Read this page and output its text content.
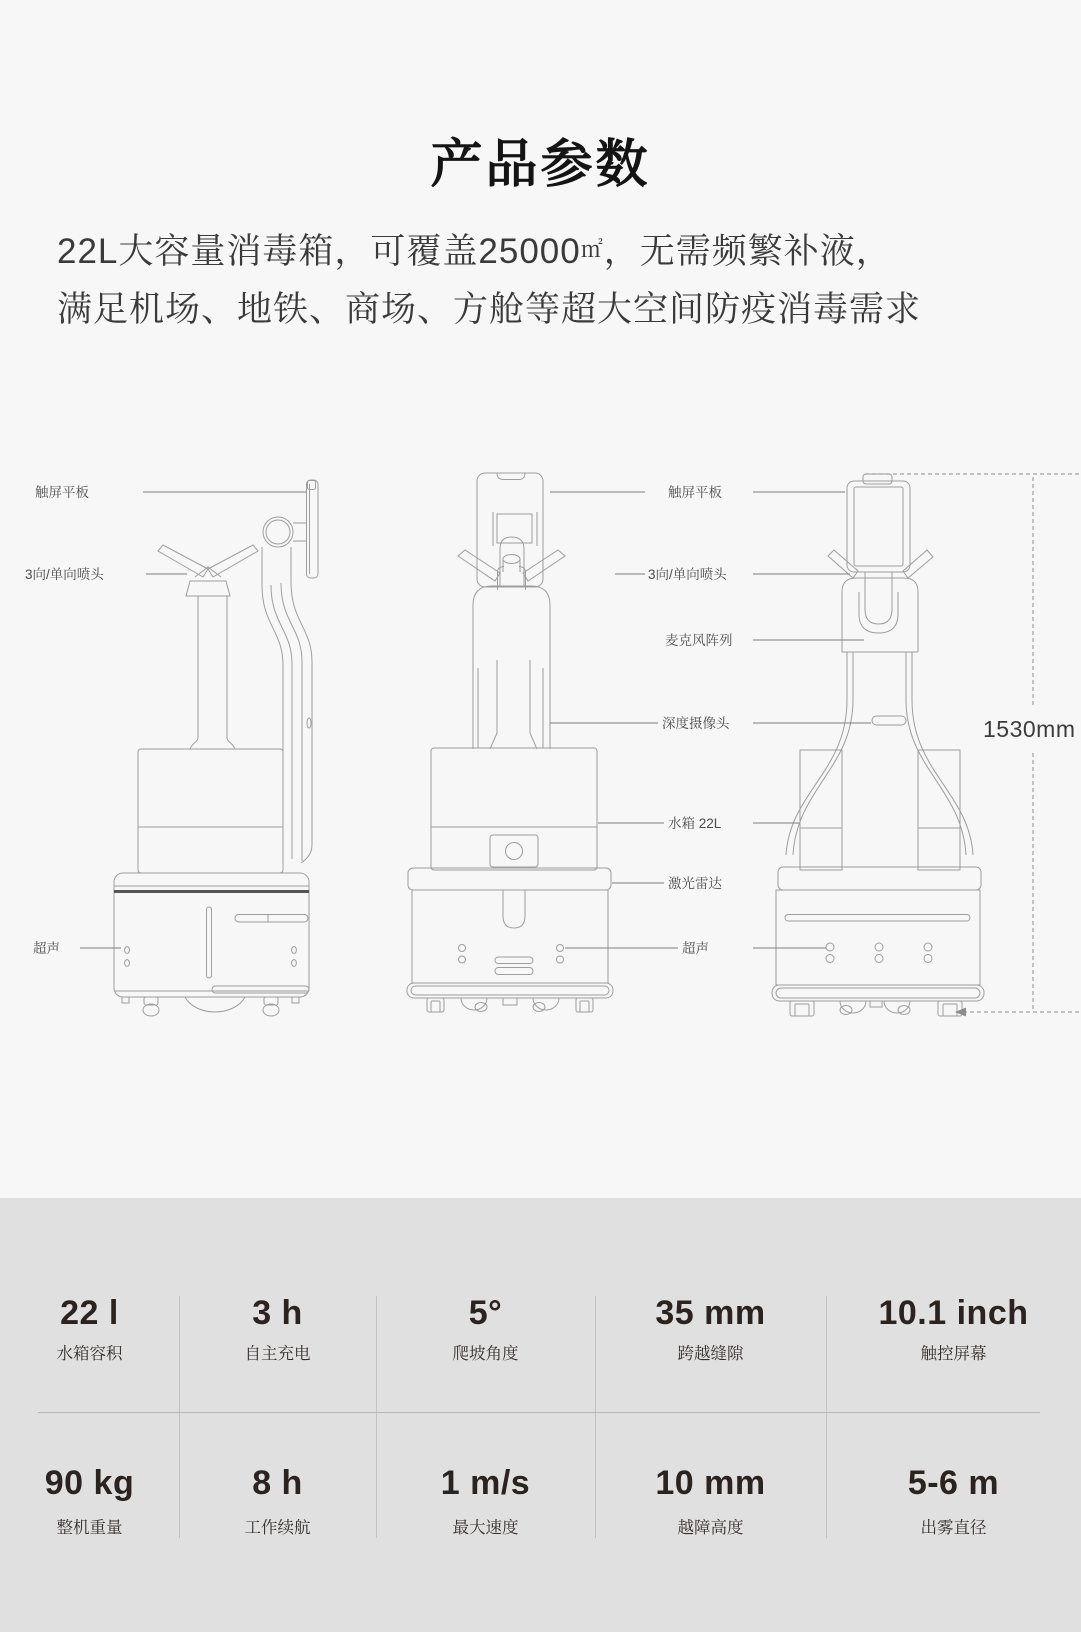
产品参数
22L大容量消毒箱，可覆盖25000㎡，无需频繁补液，
满足机场、地铁、商场、方舱等超大空间防疫消毒需求
触屏平板
3向/单向喷头
超声
触屏平板
3向/单向喷头
麦克风阵列
深度摄像头
水箱 22L
激光雷达
超声
1530mm
22 l
水箱容积
3 h
自主充电
5°
爬坡角度
35 mm
跨越缝隙
10.1 inch
触控屏幕
90 kg
整机重量
8 h
工作续航
1 m/s
最大速度
10 mm
越障高度
5-6 m
出雾直径
